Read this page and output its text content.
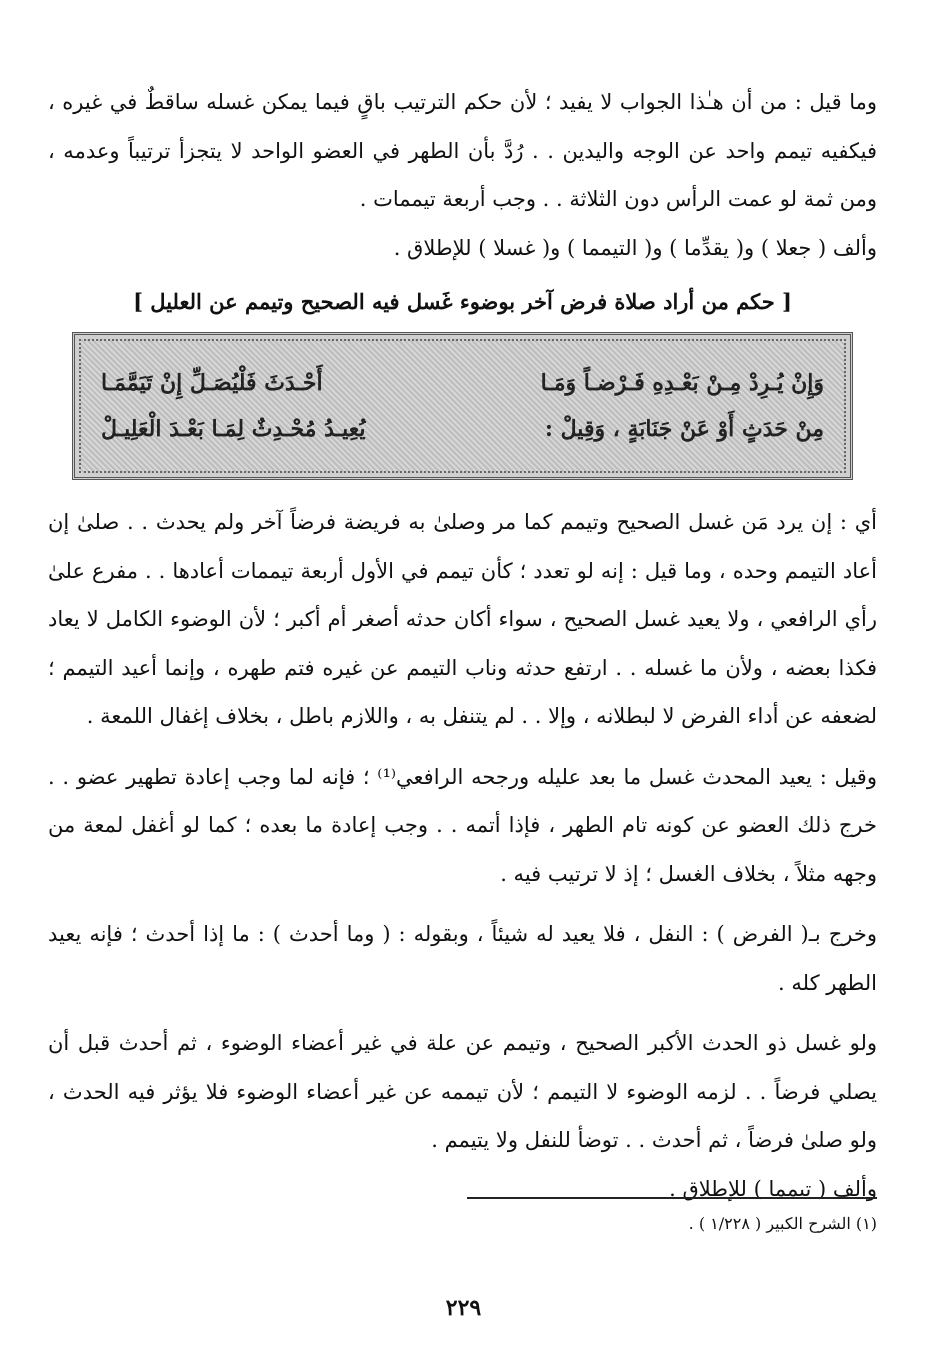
وما قيل : من أن هـٰذا الجواب لا يفيد ؛ لأن حكم الترتيب باقٍ فيما يمكن غسله ساقطٌ في غيره ، فيكفيه تيمم واحد عن الوجه واليدين . . رُدَّ بأن الطهر في العضو الواحد لا يتجزأ ترتيباً وعدمه ، ومن ثمة لو عمت الرأس دون الثلاثة . . وجب أربعة تيممات .

وألف ( جعلا ) و( يقدِّما ) و( التيمما ) و( غسلا ) للإطلاق .

[ حكم من أراد صلاة فرض آخر بوضوء غَسل فيه الصحيح وتيمم عن العليل ]
وَإِنْ يُـرِدْ مِـنْ بَعْـدِهِ فَـرْضـاً وَمَـا
أَحْـدَثَ فَلْيُصَـلِّ إِنْ تَيَمَّمَـا
مِنْ حَدَثٍ أَوْ عَنْ جَنَابَةٍ ، وَقِيلْ :
يُعِيـدُ مُحْـدِثٌ لِمَـا بَعْـدَ الْعَلِيـلْ

أي : إن يرد مَن غسل الصحيح وتيمم كما مر وصلىٰ به فريضة فرضاً آخر ولم يحدث . . صلىٰ إن أعاد التيمم وحده ، وما قيل : إنه لو تعدد ؛ كأن تيمم في الأول أربعة تيممات أعادها . . مفرع علىٰ رأي الرافعي ، ولا يعيد غسل الصحيح ، سواء أكان حدثه أصغر أم أكبر ؛ لأن الوضوء الكامل لا يعاد فكذا بعضه ، ولأن ما غسله . . ارتفع حدثه وناب التيمم عن غيره فتم طهره ، وإنما أعيد التيمم ؛ لضعفه عن أداء الفرض لا لبطلانه ، وإلا . . لم يتنفل به ، واللازم باطل ، بخلاف إغفال اللمعة .

وقيل : يعيد المحدث غسل ما بعد عليله ورجحه الرافعي⁽¹⁾ ؛ فإنه لما وجب إعادة تطهير عضو . . خرج ذلك العضو عن كونه تام الطهر ، فإذا أتمه . . وجب إعادة ما بعده ؛ كما لو أغفل لمعة من وجهه مثلاً ، بخلاف الغسل ؛ إذ لا ترتيب فيه .

وخرج بـ( الفرض ) : النفل ، فلا يعيد له شيئاً ، وبقوله : ( وما أحدث ) : ما إذا أحدث ؛ فإنه يعيد الطهر كله .

ولو غسل ذو الحدث الأكبر الصحيح ، وتيمم عن علة في غير أعضاء الوضوء ، ثم أحدث قبل أن يصلي فرضاً . . لزمه الوضوء لا التيمم ؛ لأن تيممه عن غير أعضاء الوضوء فلا يؤثر فيه الحدث ، ولو صلىٰ فرضاً ، ثم أحدث . . توضأ للنفل ولا يتيمم .

وألف ( تيمما ) للإطلاق .

(١) الشرح الكبير ( ١/٢٢٨ ) .
٢٢٩
